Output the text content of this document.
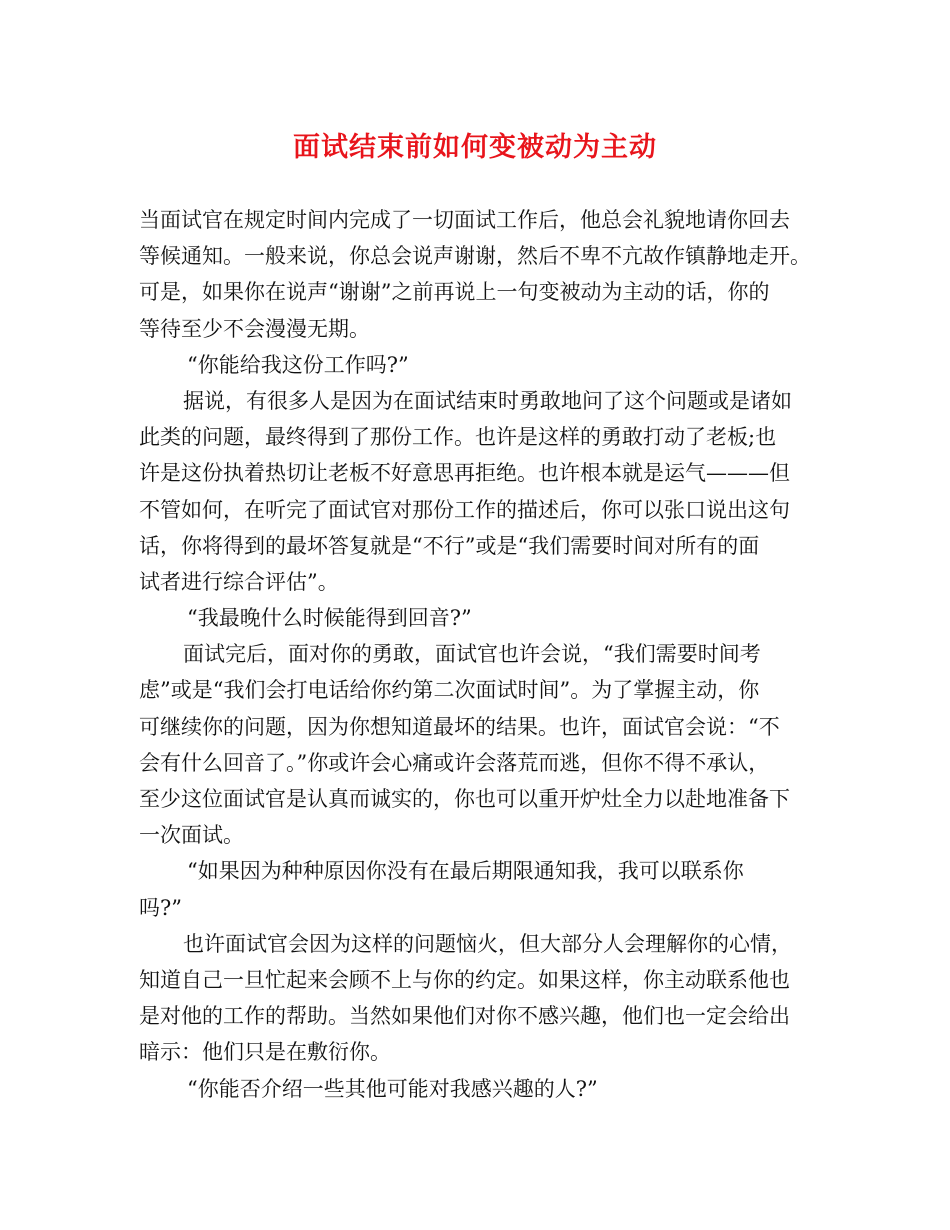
面试结束前如何变被动为主动
当面试官在规定时间内完成了一切面试工作后，他总会礼貌地请你回去
等候通知。一般来说，你总会说声谢谢，然后不卑不亢故作镇静地走开。
可是，如果你在说声“谢谢”之前再说上一句变被动为主动的话，你的
等待至少不会漫漫无期。
“你能给我这份工作吗?”
据说，有很多人是因为在面试结束时勇敢地问了这个问题或是诸如
此类的问题，最终得到了那份工作。也许是这样的勇敢打动了老板;也
许是这份执着热切让老板不好意思再拒绝。也许根本就是运气———但
不管如何，在听完了面试官对那份工作的描述后，你可以张口说出这句
话，你将得到的最坏答复就是“不行”或是“我们需要时间对所有的面
试者进行综合评估”。
“我最晚什么时候能得到回音?”
面试完后，面对你的勇敢，面试官也许会说，“我们需要时间考
虑”或是“我们会打电话给你约第二次面试时间”。为了掌握主动，你
可继续你的问题，因为你想知道最坏的结果。也许，面试官会说：“不
会有什么回音了。”你或许会心痛或许会落荒而逃，但你不得不承认，
至少这位面试官是认真而诚实的，你也可以重开炉灶全力以赴地准备下
一次面试。
“如果因为种种原因你没有在最后期限通知我，我可以联系你
吗?”
也许面试官会因为这样的问题恼火，但大部分人会理解你的心情，
知道自己一旦忙起来会顾不上与你的约定。如果这样，你主动联系他也
是对他的工作的帮助。当然如果他们对你不感兴趣，他们也一定会给出
暗示：他们只是在敷衍你。
“你能否介绍一些其他可能对我感兴趣的人?”
